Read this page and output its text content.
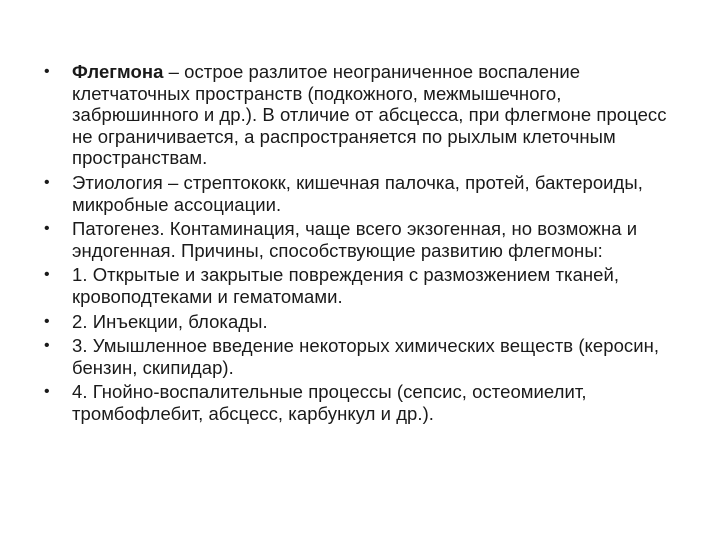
•	Флегмона – острое разлитое неограниченное воспаление клетчаточных пространств (подкожного, межмышечного, забрюшинного и др.). В отличие от абсцесса, при флегмоне процесс не ограничивается, а распространяется по рыхлым клеточным пространствам.
•	Этиология – стрептококк, кишечная палочка, протей, бактероиды, микробные ассоциации.
•	Патогенез. Контаминация, чаще всего экзогенная, но возможна и эндогенная. Причины, способствующие развитию флегмоны:
•	1. Открытые и закрытые повреждения с размозжением тканей, кровоподтеками и гематомами.
•	2. Инъекции, блокады.
•	3. Умышленное введение некоторых химических веществ (керосин, бензин, скипидар).
•	4. Гнойно-воспалительные процессы (сепсис, остеомиелит, тромбофлебит, абсцесс, карбункул и др.).
